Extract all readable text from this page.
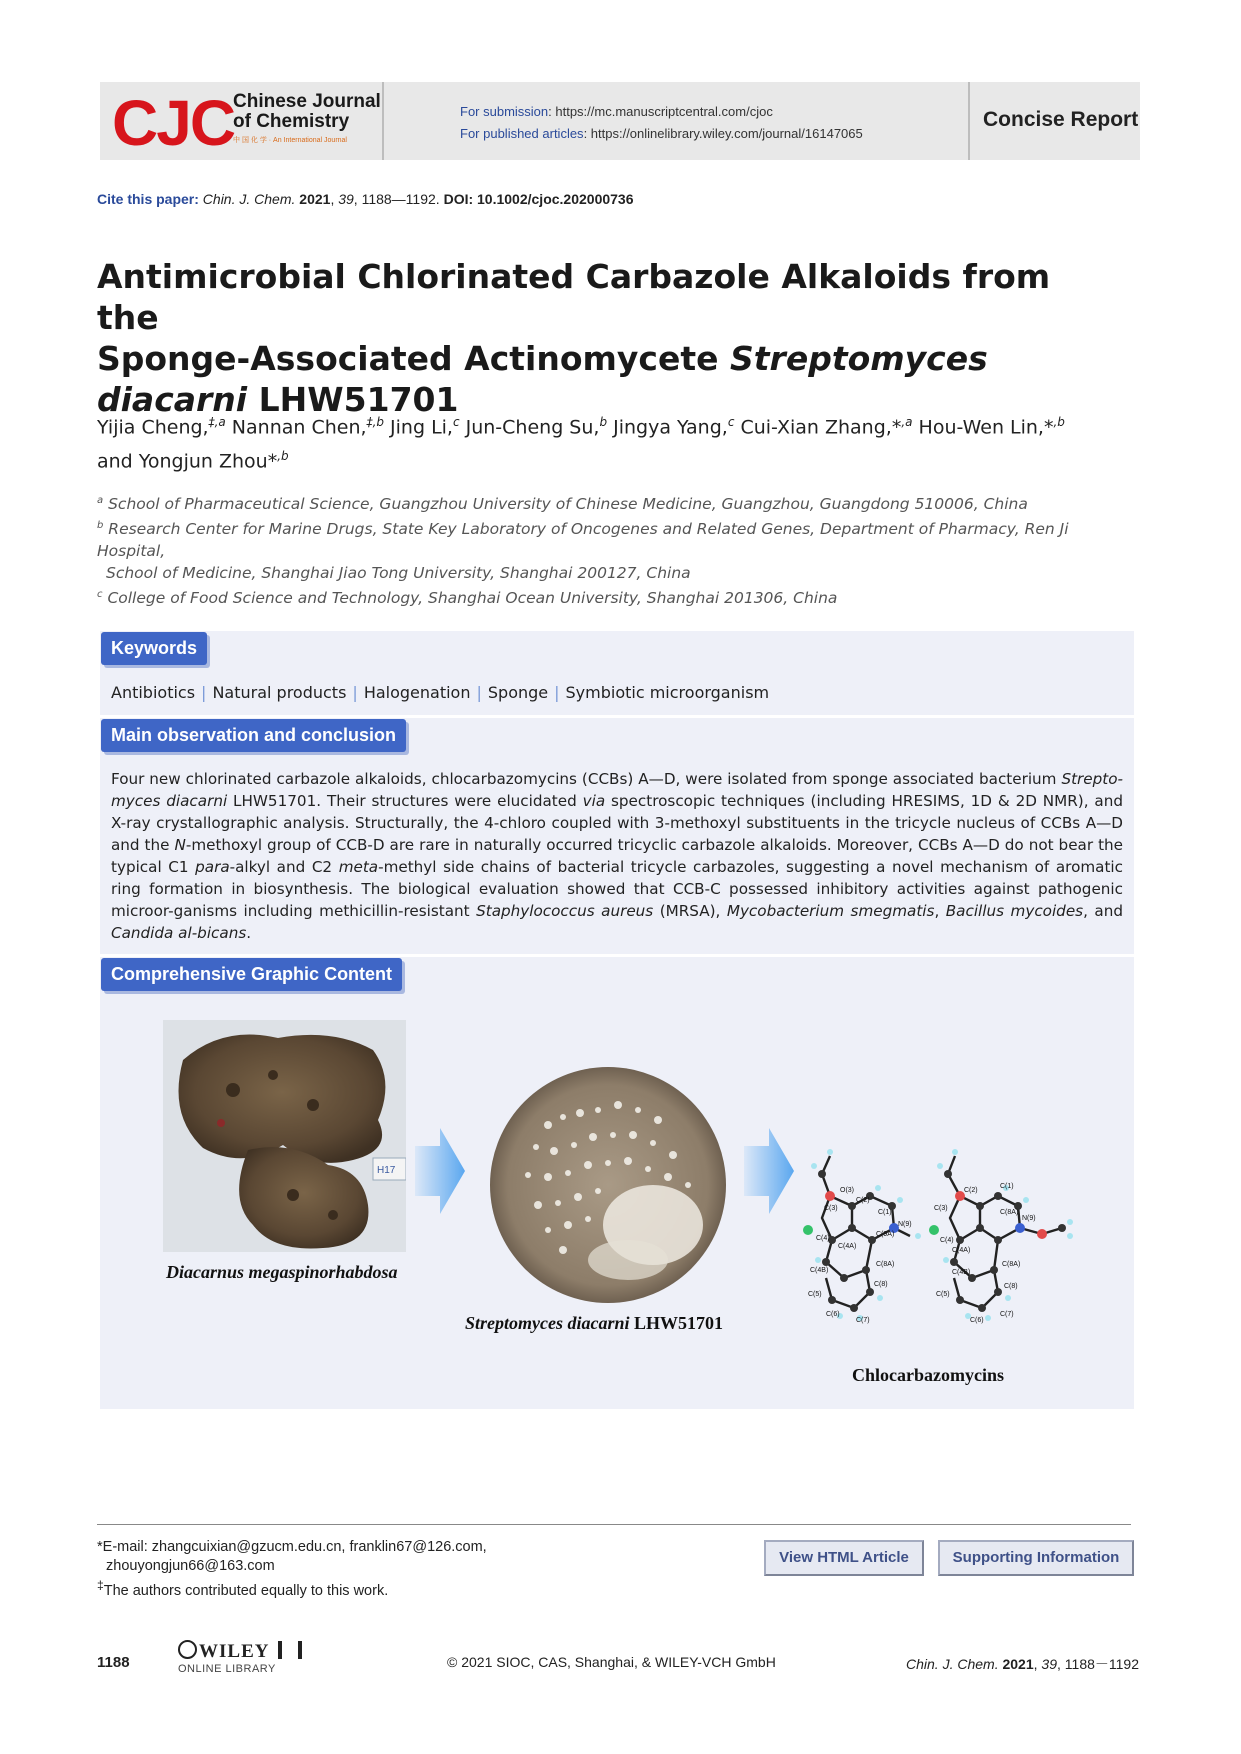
CJC
Chinese Journal
of Chemistry
中 国 化 学 · An International Journal
For submission: https://mc.manuscriptcentral.com/cjoc
For published articles: https://onlinelibrary.wiley.com/journal/16147065
Concise Report
Cite this paper: Chin. J. Chem. 2021, 39, 1188—1192. DOI: 10.1002/cjoc.202000736
Antimicrobial Chlorinated Carbazole Alkaloids from the
Sponge-Associated Actinomycete Streptomyces
diacarni LHW51701
Yijia Cheng,$^{\ddagger,a}$ Nannan Chen,$^{\ddagger,b}$ Jing Li,$^c$ Jun-Cheng Su,$^b$ Jingya Yang,$^c$ Cui-Xian Zhang,*$^{,a}$ Hou-Wen Lin,*$^{,b}$
and Yongjun Zhou*$^{,b}$
$^a$ School of Pharmaceutical Science, Guangzhou University of Chinese Medicine, Guangzhou, Guangdong 510006, China
$^b$ Research Center for Marine Drugs, State Key Laboratory of Oncogenes and Related Genes, Department of Pharmacy, Ren Ji Hospital,
School of Medicine, Shanghai Jiao Tong University, Shanghai 200127, China
$^c$ College of Food Science and Technology, Shanghai Ocean University, Shanghai 201306, China
Keywords
Antibiotics | Natural products | Halogenation | Sponge | Symbiotic microorganism
Main observation and conclusion
Four new chlorinated carbazole alkaloids, chlocarbazomycins (CCBs) A—D, were isolated from sponge associated bacterium Strepto-myces diacarni LHW51701. Their structures were elucidated via spectroscopic techniques (including HRESIMS, 1D & 2D NMR), and X-ray crystallographic analysis. Structurally, the 4-chloro coupled with 3-methoxyl substituents in the tricycle nucleus of CCBs A—D and the N-methoxyl group of CCB-D are rare in naturally occurred tricyclic carbazole alkaloids. Moreover, CCBs A—D do not bear the typical C1 para-alkyl and C2 meta-methyl side chains of bacterial tricycle carbazoles, suggesting a novel mechanism of aromatic ring formation in biosynthesis. The biological evaluation showed that CCB-C possessed inhibitory activities against pathogenic microor-ganisms including methicillin-resistant Staphylococcus aureus (MRSA), Mycobacterium smegmatis, Bacillus mycoides, and Candida al-bicans.
Comprehensive Graphic Content
H17
Diacarnus megaspinorhabdosa
Streptomyces diacarni LHW51701
O(3)
C(2)
C(1)
C(3)
C(9A)
C(4)
N(9)
C(4A)
C(8A)
C(4B)
C(8)
C(5)
C(7)
C(6)
C(2)
C(1)
C(3)
C(8A)
C(4)
N(9)
C(4A)
C(4B)
C(8A)
C(5)
C(8)
C(6)
C(7)
Chlocarbazomycins
*E-mail: zhangcuixian@gzucm.edu.cn, franklin67@126.com,
zhouyongjun66@163.com
‡The authors contributed equally to this work.
View HTML Article	Supporting Information
1188
WILEY
ONLINE LIBRARY	© 2021 SIOC, CAS, Shanghai, & WILEY-VCH GmbH	Chin. J. Chem. 2021, 39, 1188－1192
